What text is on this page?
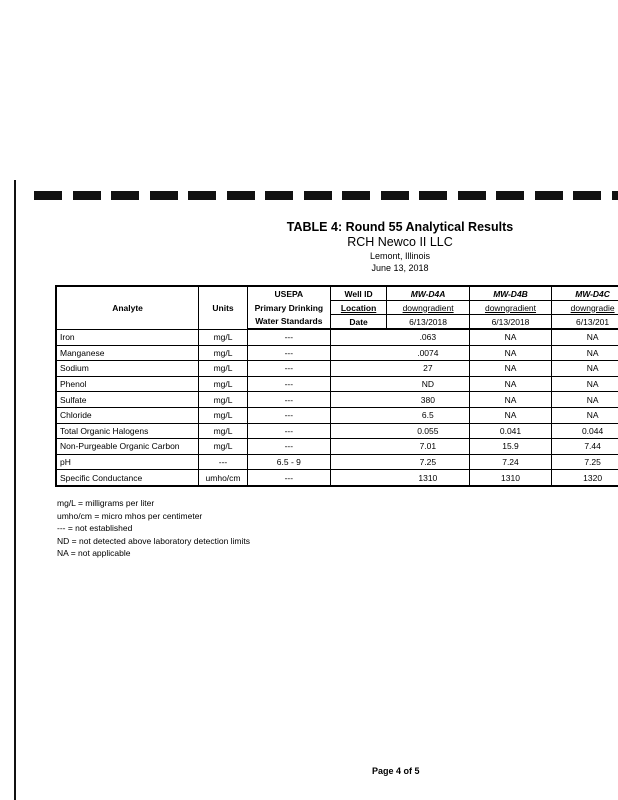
TABLE 4: Round 55 Analytical Results
RCH Newco II LLC
Lemont, Illinois
June 13, 2018
Analyte	Units	USEPA	Well ID	MW-D4A	MW-D4B	MW-D4C
		Primary Drinking	Location	downgradient	downgradient	downgradie
		Water Standards	Date	6/13/2018	6/13/2018	6/13/201
Iron	mg/L	---		.063	NA	NA
Manganese	mg/L	---		.0074	NA	NA
Sodium	mg/L	---		27	NA	NA
Phenol	mg/L	---		ND	NA	NA
Sulfate	mg/L	---		380	NA	NA
Chloride	mg/L	---		6.5	NA	NA
Total Organic Halogens	mg/L	---		0.055	0.041	0.044
Non-Purgeable Organic Carbon	mg/L	---		7.01	15.9	7.44
pH	---	6.5 - 9		7.25	7.24	7.25
Specific Conductance	umho/cm	---		1310	1310	1320
mg/L = milligrams per liter
umho/cm = micro mhos per centimeter
--- = not established
ND = not detected above laboratory detection limits
NA = not applicable
Page 4 of 5
